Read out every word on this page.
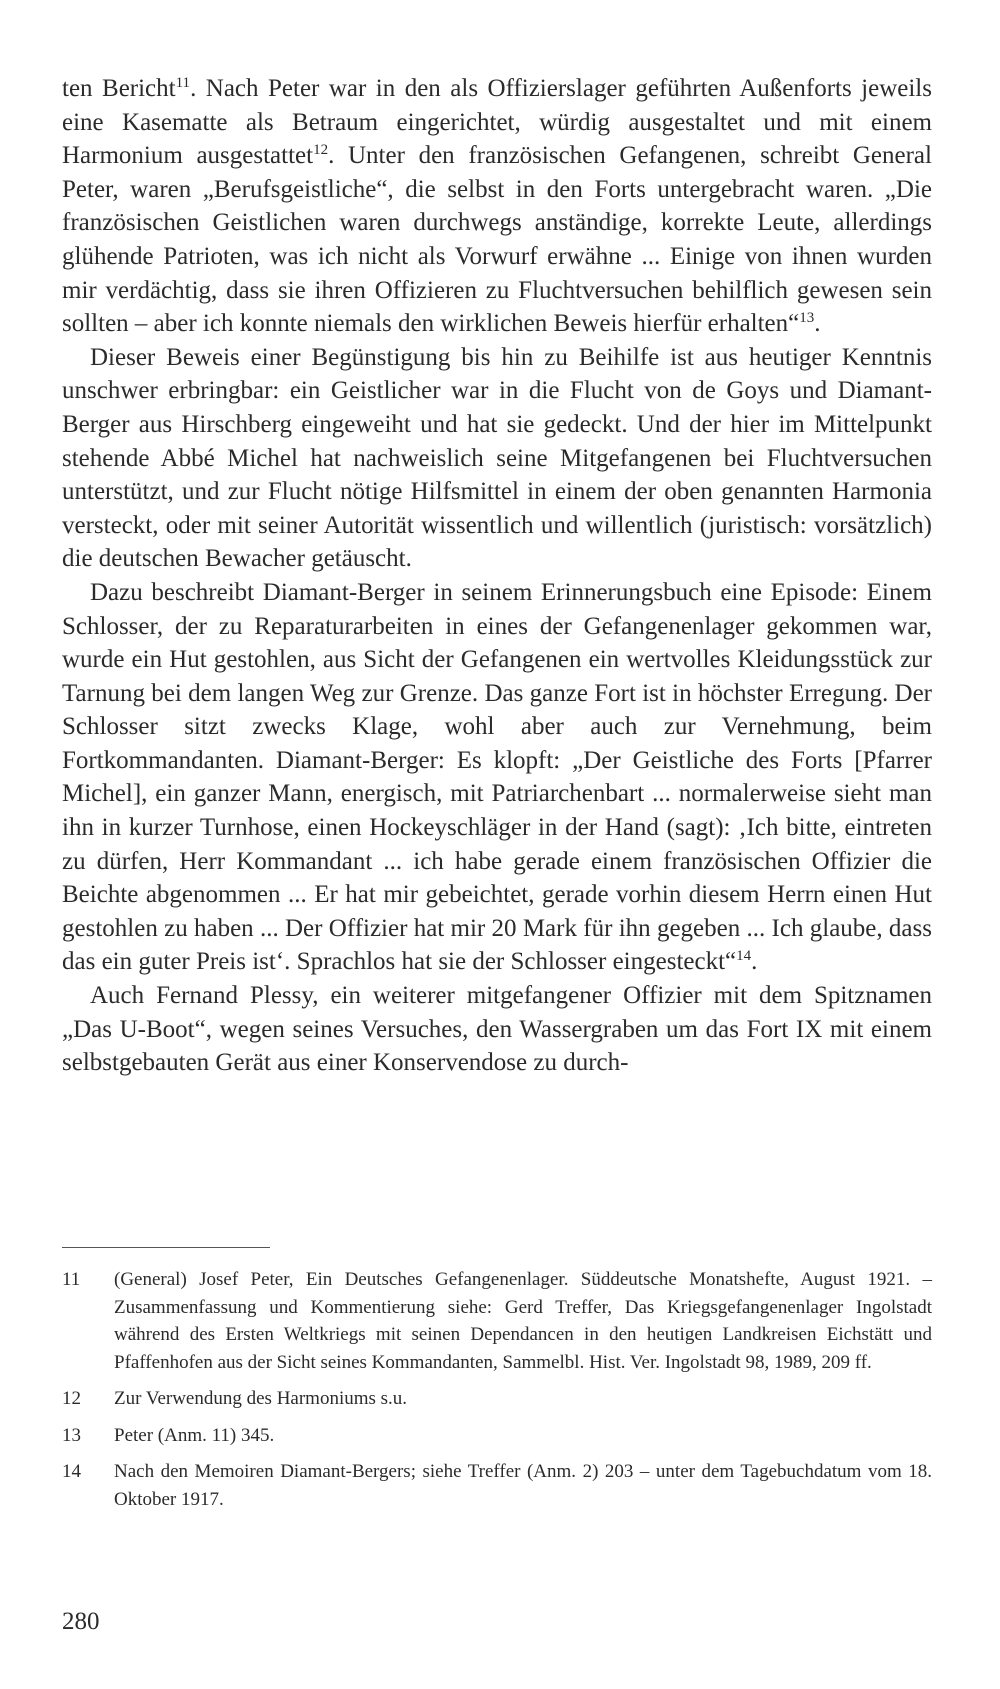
ten Bericht$^{11}$. Nach Peter war in den als Offizierslager geführten Außenforts jeweils eine Kasematte als Betraum eingerichtet, würdig ausgestaltet und mit einem Harmonium ausgestattet$^{12}$. Unter den französischen Gefangenen, schreibt General Peter, waren „Berufsgeistliche“, die selbst in den Forts untergebracht waren. „Die französischen Geistlichen waren durchwegs anständige, korrekte Leute, allerdings glühende Patrioten, was ich nicht als Vorwurf erwähne ... Einige von ihnen wurden mir verdächtig, dass sie ihren Offizieren zu Fluchtversuchen behilflich gewesen sein sollten – aber ich konnte niemals den wirklichen Beweis hierfür erhalten“$^{13}$.

Dieser Beweis einer Begünstigung bis hin zu Beihilfe ist aus heutiger Kenntnis unschwer erbringbar: ein Geistlicher war in die Flucht von de Goys und Diamant-Berger aus Hirschberg eingeweiht und hat sie gedeckt. Und der hier im Mittelpunkt stehende Abbé Michel hat nachweislich seine Mitgefangenen bei Fluchtversuchen unterstützt, und zur Flucht nötige Hilfsmittel in einem der oben genannten Harmonia versteckt, oder mit seiner Autorität wissentlich und willentlich (juristisch: vorsätzlich) die deutschen Bewacher getäuscht.

Dazu beschreibt Diamant-Berger in seinem Erinnerungsbuch eine Episode: Einem Schlosser, der zu Reparaturarbeiten in eines der Gefangenenlager gekommen war, wurde ein Hut gestohlen, aus Sicht der Gefangenen ein wertvolles Kleidungsstück zur Tarnung bei dem langen Weg zur Grenze. Das ganze Fort ist in höchster Erregung. Der Schlosser sitzt zwecks Klage, wohl aber auch zur Vernehmung, beim Fortkommandanten. Diamant-Berger: Es klopft: „Der Geistliche des Forts [Pfarrer Michel], ein ganzer Mann, energisch, mit Patriarchenbart ... normalerweise sieht man ihn in kurzer Turnhose, einen Hockeyschläger in der Hand (sagt): ‚Ich bitte, eintreten zu dürfen, Herr Kommandant ... ich habe gerade einem französischen Offizier die Beichte abgenommen ... Er hat mir gebeichtet, gerade vorhin diesem Herrn einen Hut gestohlen zu haben ... Der Offizier hat mir 20 Mark für ihn gegeben ... Ich glaube, dass das ein guter Preis ist‘. Sprachlos hat sie der Schlosser eingesteckt“$^{14}$.

Auch Fernand Plessy, ein weiterer mitgefangener Offizier mit dem Spitznamen „Das U-Boot“, wegen seines Versuches, den Wassergraben um das Fort IX mit einem selbstgebauten Gerät aus einer Konservendose zu durch-

11	(General) Josef Peter, Ein Deutsches Gefangenenlager. Süddeutsche Monatshefte, August 1921. – Zusammenfassung und Kommentierung siehe: Gerd Treffer, Das Kriegsgefangenenlager Ingolstadt während des Ersten Weltkriegs mit seinen Dependancen in den heutigen Landkreisen Eichstätt und Pfaffenhofen aus der Sicht seines Kommandanten, Sammelbl. Hist. Ver. Ingolstadt 98, 1989, 209 ff.
12	Zur Verwendung des Harmoniums s.u.
13	Peter (Anm. 11) 345.
14	Nach den Memoiren Diamant-Bergers; siehe Treffer (Anm. 2) 203 – unter dem Tagebuchdatum vom 18. Oktober 1917.
280
